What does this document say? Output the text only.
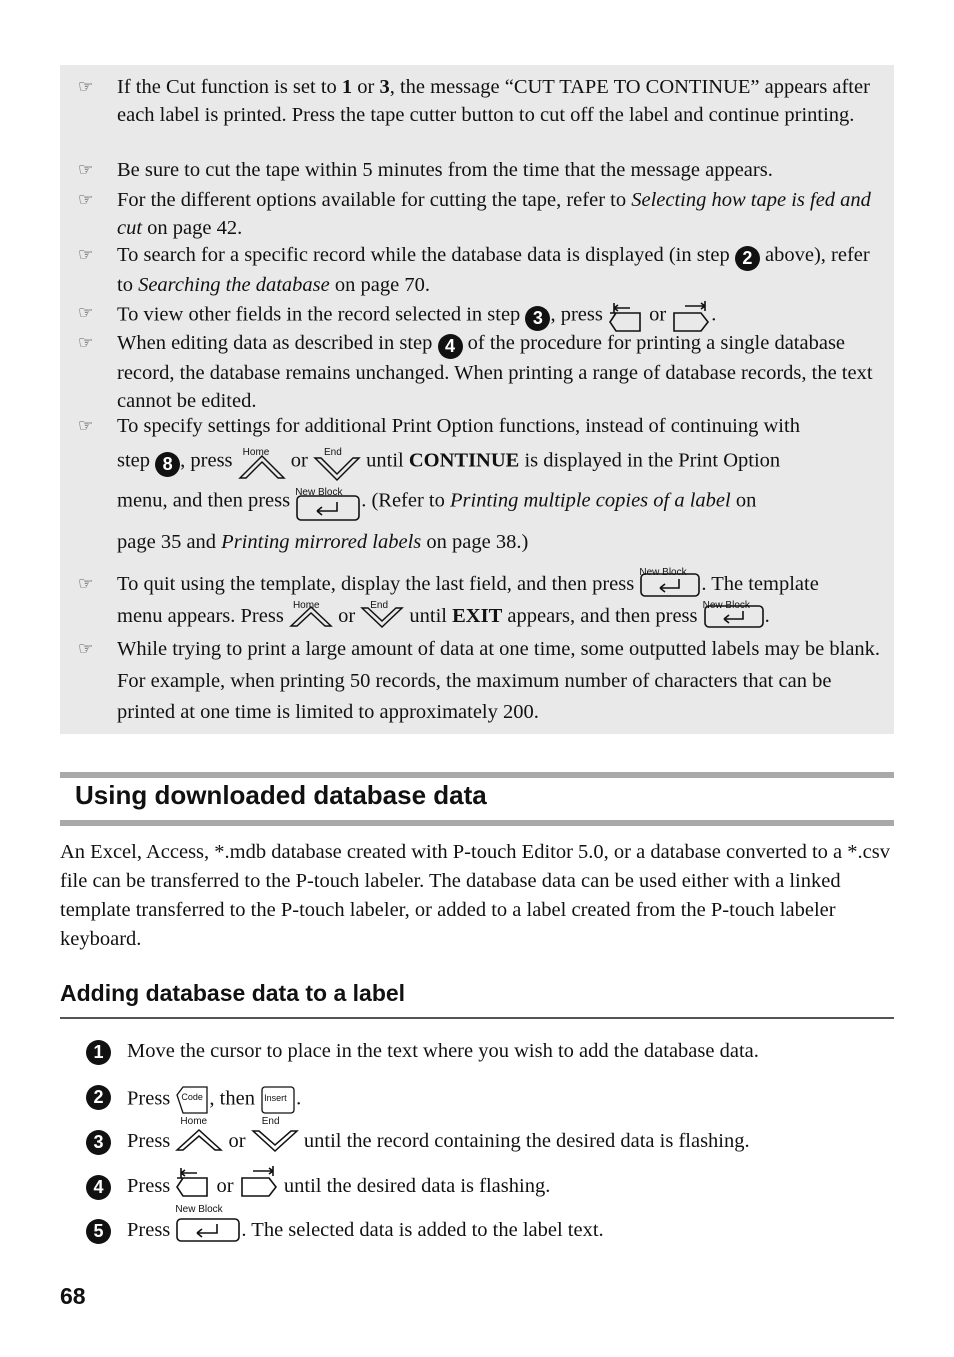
☞ If the Cut function is set to 1 or 3, the message “CUT TAPE TO CONTINUE” appears after each label is printed. Press the tape cutter button to cut off the label and continue printing.
☞ Be sure to cut the tape within 5 minutes from the time that the message appears.
☞ For the different options available for cutting the tape, refer to Selecting how tape is fed and cut on page 42.
☞ To search for a specific record while the database data is displayed (in step 2 above), refer to Searching the database on page 70.
☞ To view other fields in the record selected in step 3 , press
or
.
☞ When editing data as described in step 4 of the procedure for printing a single database record, the database remains unchanged. When printing a range of database records, the text cannot be edited.
☞ To specify settings for additional Print Option functions, instead of continuing with
step 8 , press Home or End until CONTINUE is displayed in the Print Option
menu, and then press New Block . (Refer to Printing multiple copies of a label on
page 35 and Printing mirrored labels on page 38.)
☞ To quit using the template, display the last field, and then press
New Block
. The template
menu appears. Press Home or End until EXIT appears, and then press New Block .
☞ While trying to print a large amount of data at one time, some outputted labels may be blank. For example, when printing 50 records, the maximum number of characters that can be printed at one time is limited to approximately 200.
Using downloaded database data
An Excel, Access, *.mdb database created with P-touch Editor 5.0, or a database converted to a *.csv file can be transferred to the P-touch labeler. The database data can be used either with a linked template transferred to the P-touch labeler, or added to a label created from the P-touch labeler keyboard.
Adding database data to a label
1	Move the cursor to place in the text where you wish to add the database data.
2	Press Code , then Insert .
3	Press
Home
or
End
until the record containing the desired data is flashing.
4	Press
or
until the desired data is flashing.
5	Press
New Block
. The selected data is added to the label text.
68
